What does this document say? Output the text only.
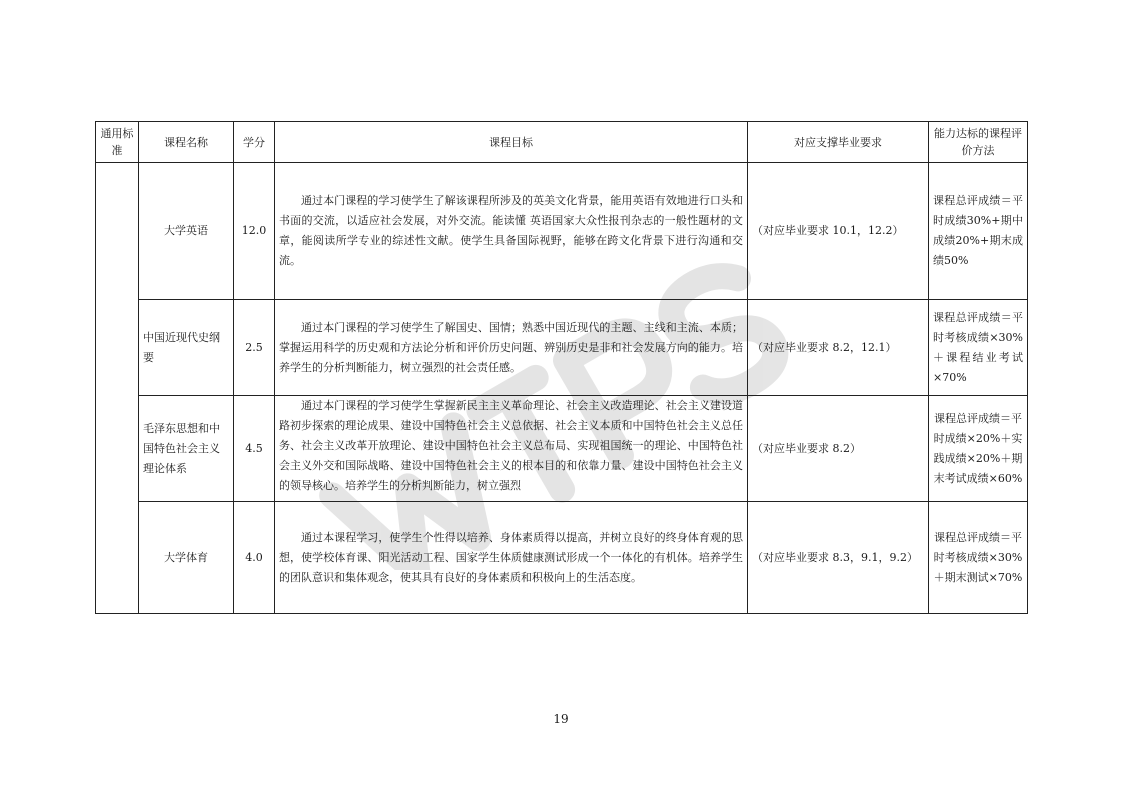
通用标准	课程名称	学分	课程目标	对应支撑毕业要求	能力达标的课程评价方法
	大学英语	12.0	通过本门课程的学习使学生了解该课程所涉及的英美文化背景，能用英语有效地进行口头和书面的交流，以适应社会发展，对外交流。能读懂 英语国家大众性报刊杂志的一般性题材的文章，能阅读所学专业的综述性文献。使学生具备国际视野，能够在跨文化背景下进行沟通和交流。	（对应毕业要求 10.1，12.2）	课程总评成绩＝平时成绩30%+期中成绩20%+期末成绩50%
	中国近现代史纲要	2.5	通过本门课程的学习使学生了解国史、国情；熟悉中国近现代的主题、主线和主流、本质；掌握运用科学的历史观和方法论分析和评价历史问题、辨别历史是非和社会发展方向的能力。培养学生的分析判断能力，树立强烈的社会责任感。	（对应毕业要求 8.2，12.1）	课程总评成绩＝平时考核成绩×30%＋课程结业考试×70%
	毛泽东思想和中国特色社会主义理论体系	4.5	通过本门课程的学习使学生掌握新民主主义革命理论、社会主义改造理论、社会主义建设道路初步探索的理论成果、建设中国特色社会主义总依据、社会主义本质和中国特色社会主义总任务、社会主义改革开放理论、建设中国特色社会主义总布局、实现祖国统一的理论、中国特色社会主义外交和国际战略、建设中国特色社会主义的根本目的和依靠力量、建设中国特色社会主义的领导核心。培养学生的分析判断能力，树立强烈	（对应毕业要求 8.2）	课程总评成绩＝平时成绩×20%＋实践成绩×20%＋期末考试成绩×60%
	大学体育	4.0	通过本课程学习，使学生个性得以培养、身体素质得以提高，并树立良好的终身体育观的思想，使学校体育课、阳光活动工程、国家学生体质健康测试形成一个一体化的有机体。培养学生的团队意识和集体观念，使其具有良好的身体素质和积极向上的生活态度。	（对应毕业要求 8.3，9.1，9.2）	课程总评成绩＝平时考核成绩×30%＋期末测试×70%
19
